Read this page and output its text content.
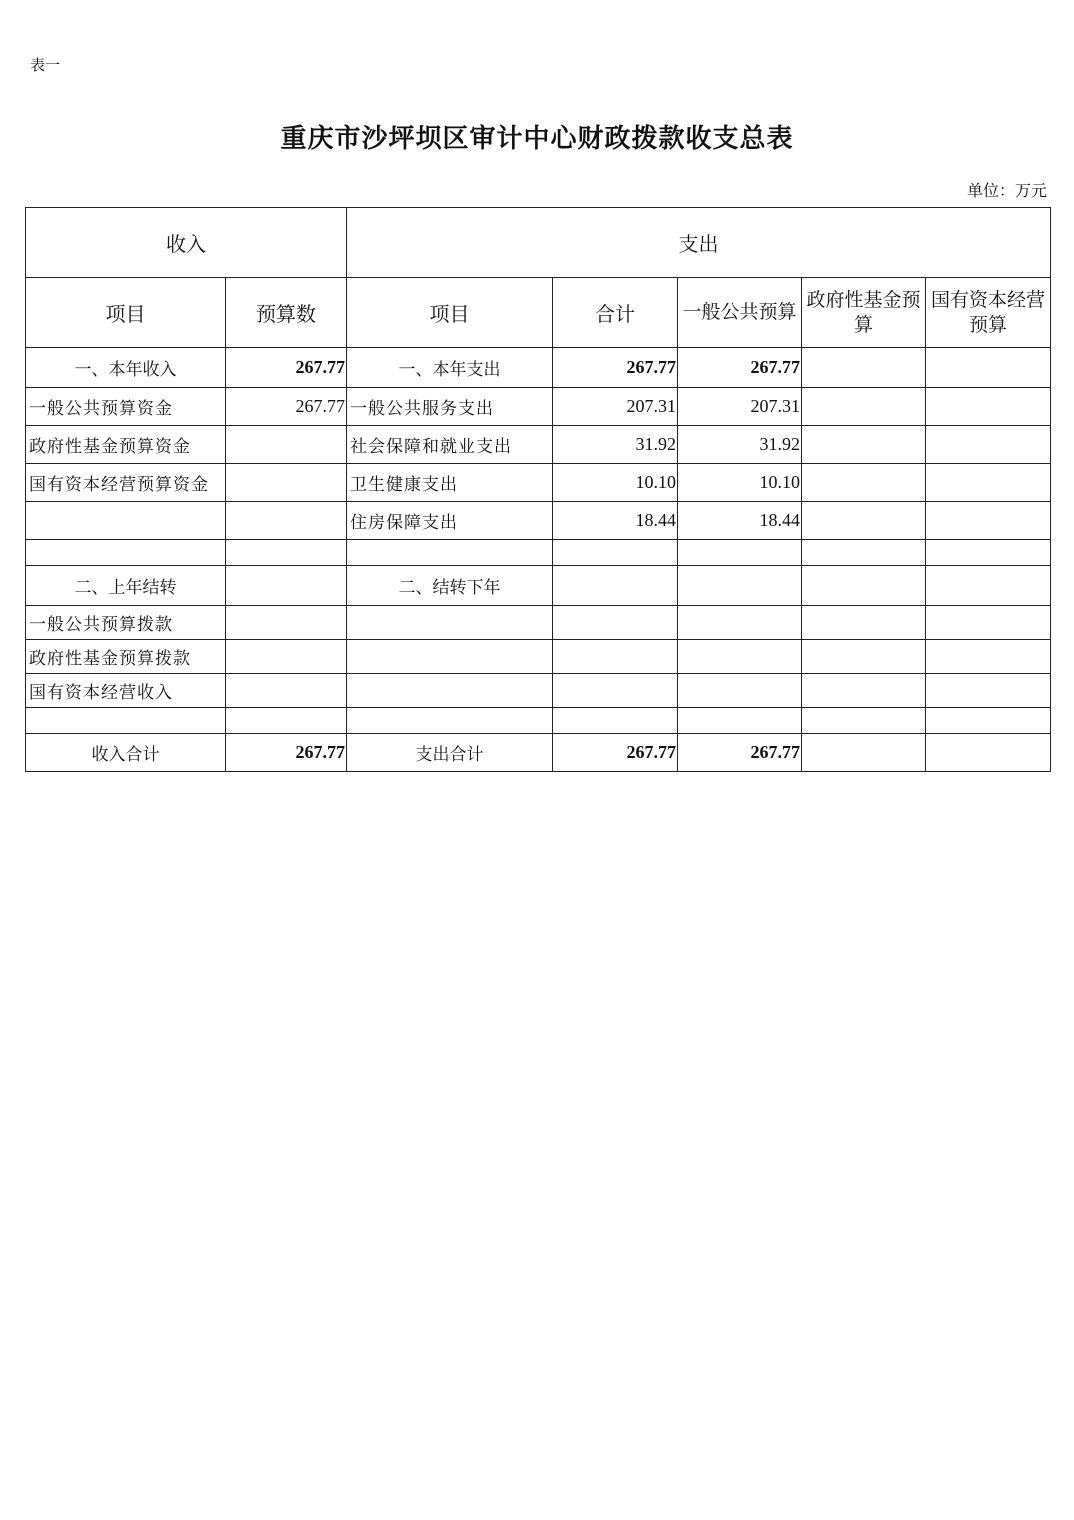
表一
重庆市沙坪坝区审计中心财政拨款收支总表
单位：万元
收入		支出				
项目	预算数	项目	合计	一般公共预算	政府性基金预算	国有资本经营预算
一、本年收入	267.77	一、本年支出	267.77	267.77		
一般公共预算资金	267.77	一般公共服务支出	207.31	207.31		
政府性基金预算资金		社会保障和就业支出	31.92	31.92		
国有资本经营预算资金		卫生健康支出	10.10	10.10		
		住房保障支出	18.44	18.44		

二、上年结转		二、结转下年				
一般公共预算拨款						
政府性基金预算拨款						
国有资本经营收入						

收入合计	267.77	支出合计	267.77	267.77		
